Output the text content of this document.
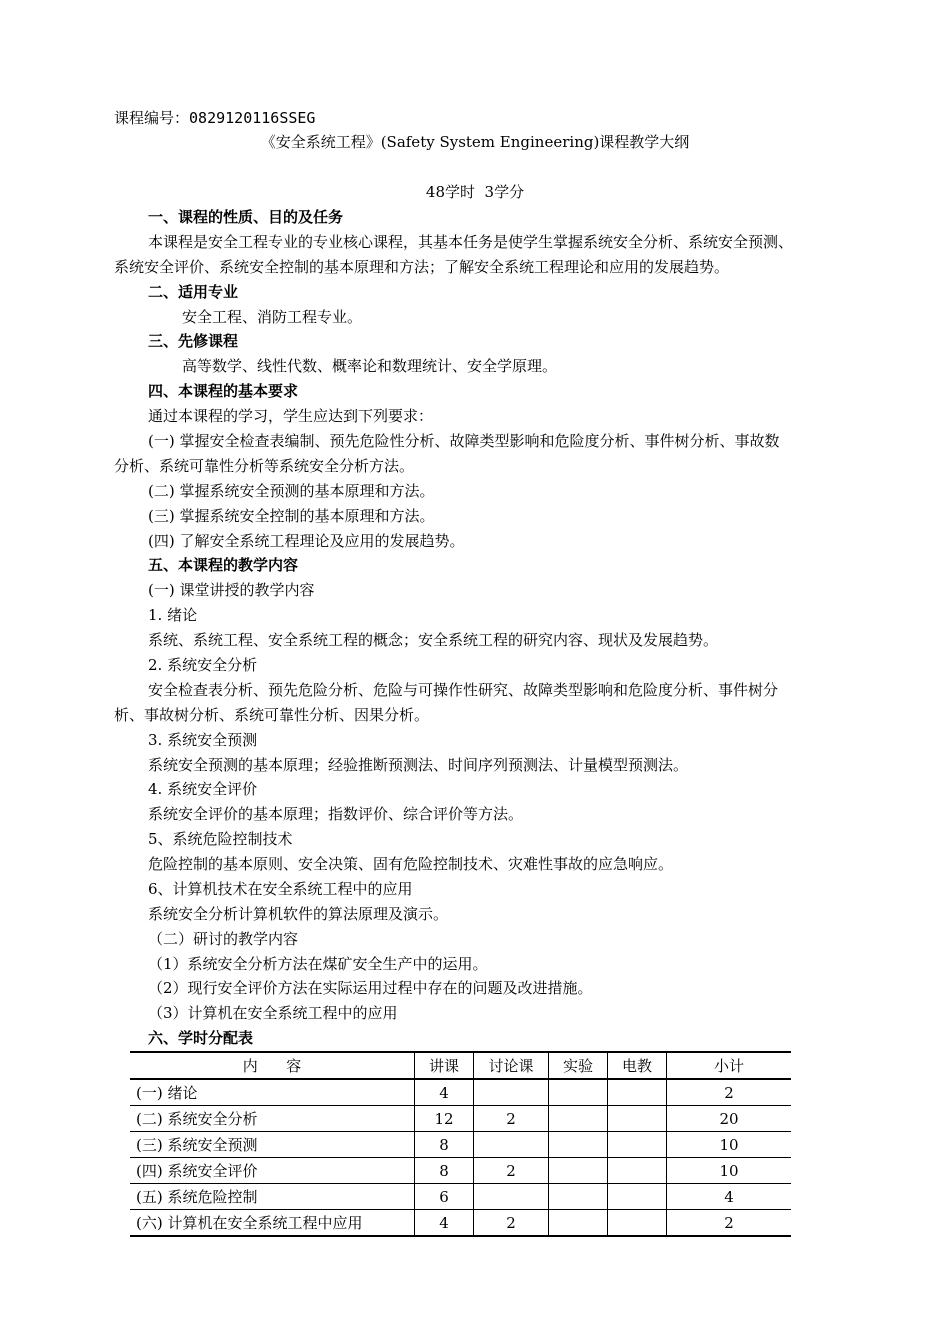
课程编号：0829120116SSEG
《安全系统工程》(Safety System Engineering)课程教学大纲
48学时  3学分
一、课程的性质、目的及任务
本课程是安全工程专业的专业核心课程，其基本任务是使学生掌握系统安全分析、系统安全预测、
系统安全评价、系统安全控制的基本原理和方法；了解安全系统工程理论和应用的发展趋势。
二、适用专业
安全工程、消防工程专业。
三、先修课程
高等数学、线性代数、概率论和数理统计、安全学原理。
四、本课程的基本要求
通过本课程的学习，学生应达到下列要求：
(一) 掌握安全检查表编制、预先危险性分析、故障类型影响和危险度分析、事件树分析、事故数
分析、系统可靠性分析等系统安全分析方法。
(二) 掌握系统安全预测的基本原理和方法。
(三) 掌握系统安全控制的基本原理和方法。
(四) 了解安全系统工程理论及应用的发展趋势。
五、本课程的教学内容
(一) 课堂讲授的教学内容
1. 绪论
系统、系统工程、安全系统工程的概念；安全系统工程的研究内容、现状及发展趋势。
2. 系统安全分析
安全检查表分析、预先危险分析、危险与可操作性研究、故障类型影响和危险度分析、事件树分
析、事故树分析、系统可靠性分析、因果分析。
3. 系统安全预测
系统安全预测的基本原理；经验推断预测法、时间序列预测法、计量模型预测法。
4. 系统安全评价
系统安全评价的基本原理；指数评价、综合评价等方法。
5、系统危险控制技术
危险控制的基本原则、安全决策、固有危险控制技术、灾难性事故的应急响应。
6、计算机技术在安全系统工程中的应用
系统安全分析计算机软件的算法原理及演示。
（二）研讨的教学内容
（1）系统安全分析方法在煤矿安全生产中的运用。
（2）现行安全评价方法在实际运用过程中存在的问题及改进措施。
（3）计算机在安全系统工程中的应用
六、学时分配表
内      容	讲课	讨论课	实验	电教	小计
(一) 绪论	4				2
(二) 系统安全分析	12	2			20
(三) 系统安全预测	8				10
(四) 系统安全评价	8	2			10
(五) 系统危险控制	6				4
(六) 计算机在安全系统工程中应用	4	2			2
